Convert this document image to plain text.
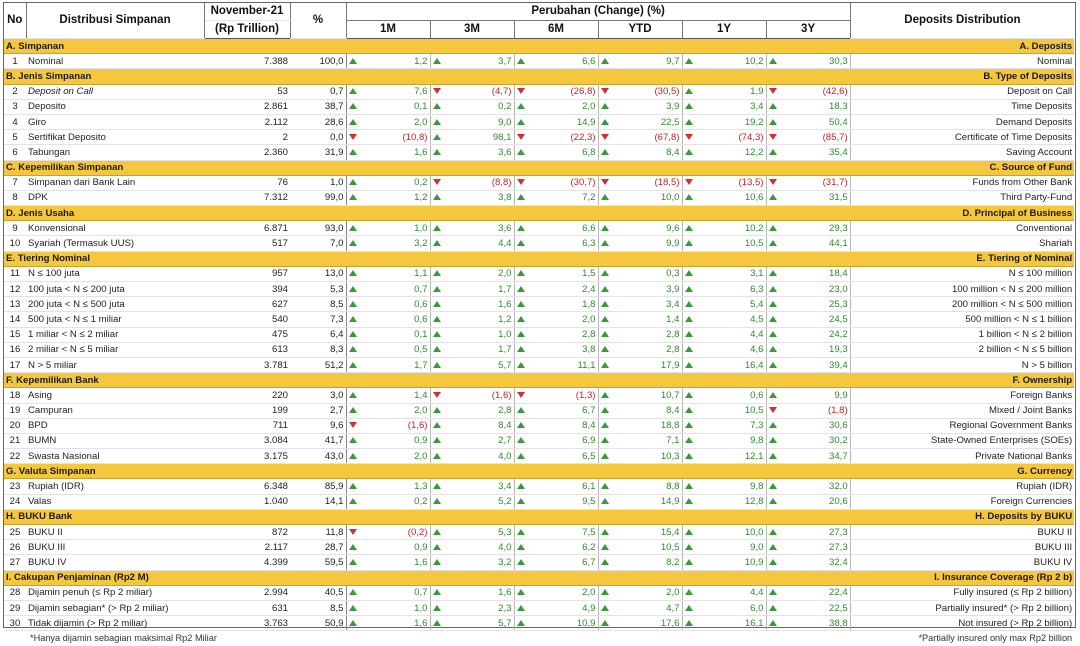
No	Distribusi Simpanan	November-21	%	Perubahan (Change) (%)												Deposits Distribution
		(Rp Trillion)		1M		3M		6M		YTD		1Y		3Y		
A. Simpanan																A. Deposits
1	Nominal	7.388	100,0		1,2		3,7		6,6		9,7		10,2		30,3	Nominal
B. Jenis Simpanan																B. Type of Deposits
2	Deposit on Call	53	0,7		7,6		(4,7)		(26,8)		(30,5)		1,9		(42,6)	Deposit on Call
3	Deposito	2.861	38,7		0,1		0,2		2,0		3,9		3,4		18,3	Time Deposits
4	Giro	2.112	28,6		2,0		9,0		14,9		22,5		19,2		50,4	Demand Deposits
5	Sertifikat Deposito	2	0,0		(10,8)		98,1		(22,3)		(67,8)		(74,3)		(85,7)	Certificate of Time Deposits
6	Tabungan	2.360	31,9		1,6		3,6		6,8		8,4		12,2		35,4	Saving Account
C. Kepemilikan Simpanan																C. Source of Fund
7	Simpanan dari Bank Lain	76	1,0		0,2		(8,8)		(30,7)		(18,5)		(13,5)		(31,7)	Funds from Other Bank
8	DPK	7.312	99,0		1,2		3,8		7,2		10,0		10,6		31,5	Third Party-Fund
D. Jenis Usaha																D. Principal of Business
9	Konvensional	6.871	93,0		1,0		3,6		6,6		9,6		10,2		29,3	Conventional
10	Syariah (Termasuk UUS)	517	7,0		3,2		4,4		6,3		9,9		10,5		44,1	Shariah
E. Tiering Nominal																E. Tiering of Nominal
11	N ≤ 100 juta	957	13,0		1,1		2,0		1,5		0,3		3,1		18,4	N ≤ 100 million
12	100 juta < N ≤ 200 juta	394	5,3		0,7		1,7		2,4		3,9		6,3		23,0	100 million < N ≤ 200 million
13	200 juta < N ≤ 500 juta	627	8,5		0,6		1,6		1,8		3,4		5,4		25,3	200 million < N ≤ 500 million
14	500 juta < N ≤ 1 miliar	540	7,3		0,6		1,2		2,0		1,4		4,5		24,5	500 million < N ≤ 1 billion
15	1 miliar < N ≤ 2 miliar	475	6,4		0,1		1,0		2,8		2,8		4,4		24,2	1 billion < N ≤ 2 billion
16	2 miliar < N ≤ 5 miliar	613	8,3		0,5		1,7		3,8		2,8		4,6		19,3	2 billion < N ≤ 5 billion
17	N > 5 miliar	3.781	51,2		1,7		5,7		11,1		17,9		16,4		39,4	N > 5 billion
F. Kepemilikan Bank																F. Ownership
18	Asing	220	3,0		1,4		(1,6)		(1,3)		10,7		0,6		9,9	Foreign Banks
19	Campuran	199	2,7		2,0		2,8		6,7		8,4		10,5		(1,8)	Mixed / Joint Banks
20	BPD	711	9,6		(1,6)		8,4		8,4		18,8		7,3		30,6	Regional Government Banks
21	BUMN	3.084	41,7		0,9		2,7		6,9		7,1		9,8		30,2	State-Owned Enterprises (SOEs)
22	Swasta Nasional	3.175	43,0		2,0		4,0		6,5		10,3		12,1		34,7	Private National Banks
G. Valuta Simpanan																G. Currency
23	Rupiah (IDR)	6.348	85,9		1,3		3,4		6,1		8,8		9,8		32,0	Rupiah (IDR)
24	Valas	1.040	14,1		0,2		5,2		9,5		14,9		12,8		20,6	Foreign Currencies
H. BUKU Bank																H. Deposits by BUKU
25	BUKU II	872	11,8		(0,2)		5,3		7,5		15,4		10,0		27,3	BUKU II
26	BUKU III	2.117	28,7		0,9		4,0		6,2		10,5		9,0		27,3	BUKU III
27	BUKU IV	4.399	59,5		1,6		3,2		6,7		8,2		10,9		32,4	BUKU IV
I. Cakupan Penjaminan (Rp2 M)																I. Insurance Coverage (Rp 2 b)
28	Dijamin penuh (≤ Rp 2 miliar)	2.994	40,5		0,7		1,6		2,0		2,0		4,4		22,4	Fully insured (≤ Rp 2 billion)
29	Dijamin sebagian* (> Rp 2 miliar)	631	8,5		1,0		2,3		4,9		4,7		6,0		22,5	Partially insured* (> Rp 2 billion)
30	Tidak dijamin (> Rp 2 miliar)	3.763	50,9		1,6		5,7		10,9		17,6		16,1		38,8	Not insured (> Rp 2 billion)
*Hanya dijamin sebagian maksimal Rp2 Miliar								*Partially insured only max Rp2 billion								
